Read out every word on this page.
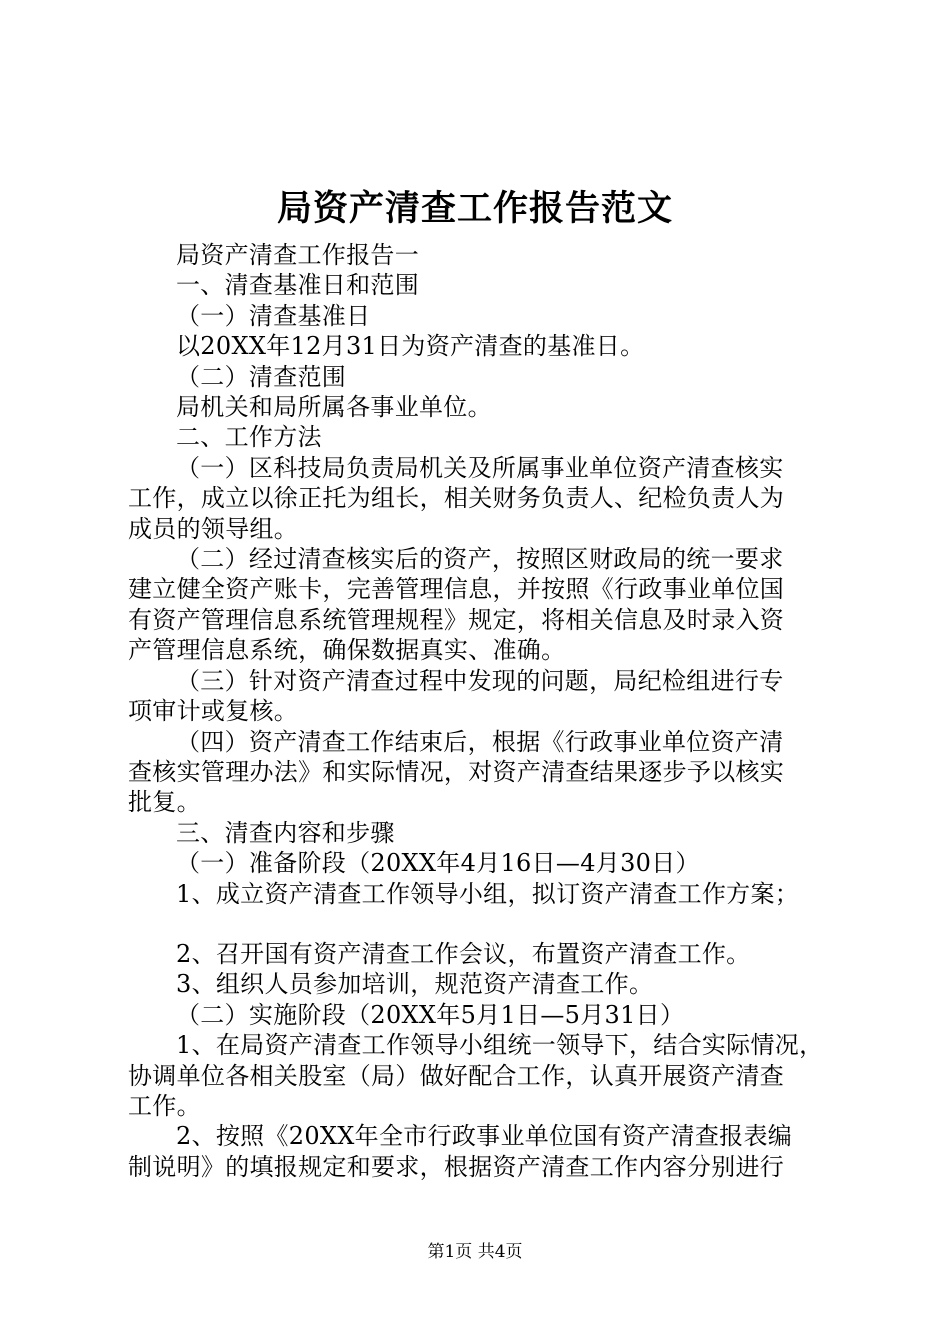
局资产清查工作报告范文
局资产清查工作报告一
一、清查基准日和范围
（一）清查基准日
以20XX年12月31日为资产清查的基准日。
（二）清查范围
局机关和局所属各事业单位。
二、工作方法
（一）区科技局负责局机关及所属事业单位资产清查核实
工作，成立以徐正托为组长，相关财务负责人、纪检负责人为
成员的领导组。
（二）经过清查核实后的资产，按照区财政局的统一要求
建立健全资产账卡，完善管理信息，并按照《行政事业单位国
有资产管理信息系统管理规程》规定，将相关信息及时录入资
产管理信息系统，确保数据真实、准确。
（三）针对资产清查过程中发现的问题，局纪检组进行专
项审计或复核。
（四）资产清查工作结束后，根据《行政事业单位资产清
查核实管理办法》和实际情况，对资产清查结果逐步予以核实
批复。
三、清查内容和步骤
（一）准备阶段（20XX年4月16日—4月30日）
1、成立资产清查工作领导小组，拟订资产清查工作方案；
2、召开国有资产清查工作会议，布置资产清查工作。
3、组织人员参加培训，规范资产清查工作。
（二）实施阶段（20XX年5月1日—5月31日）
1、在局资产清查工作领导小组统一领导下，结合实际情况，
协调单位各相关股室（局）做好配合工作，认真开展资产清查
工作。
2、按照《20XX年全市行政事业单位国有资产清查报表编
制说明》的填报规定和要求，根据资产清查工作内容分别进行
第1页 共4页
